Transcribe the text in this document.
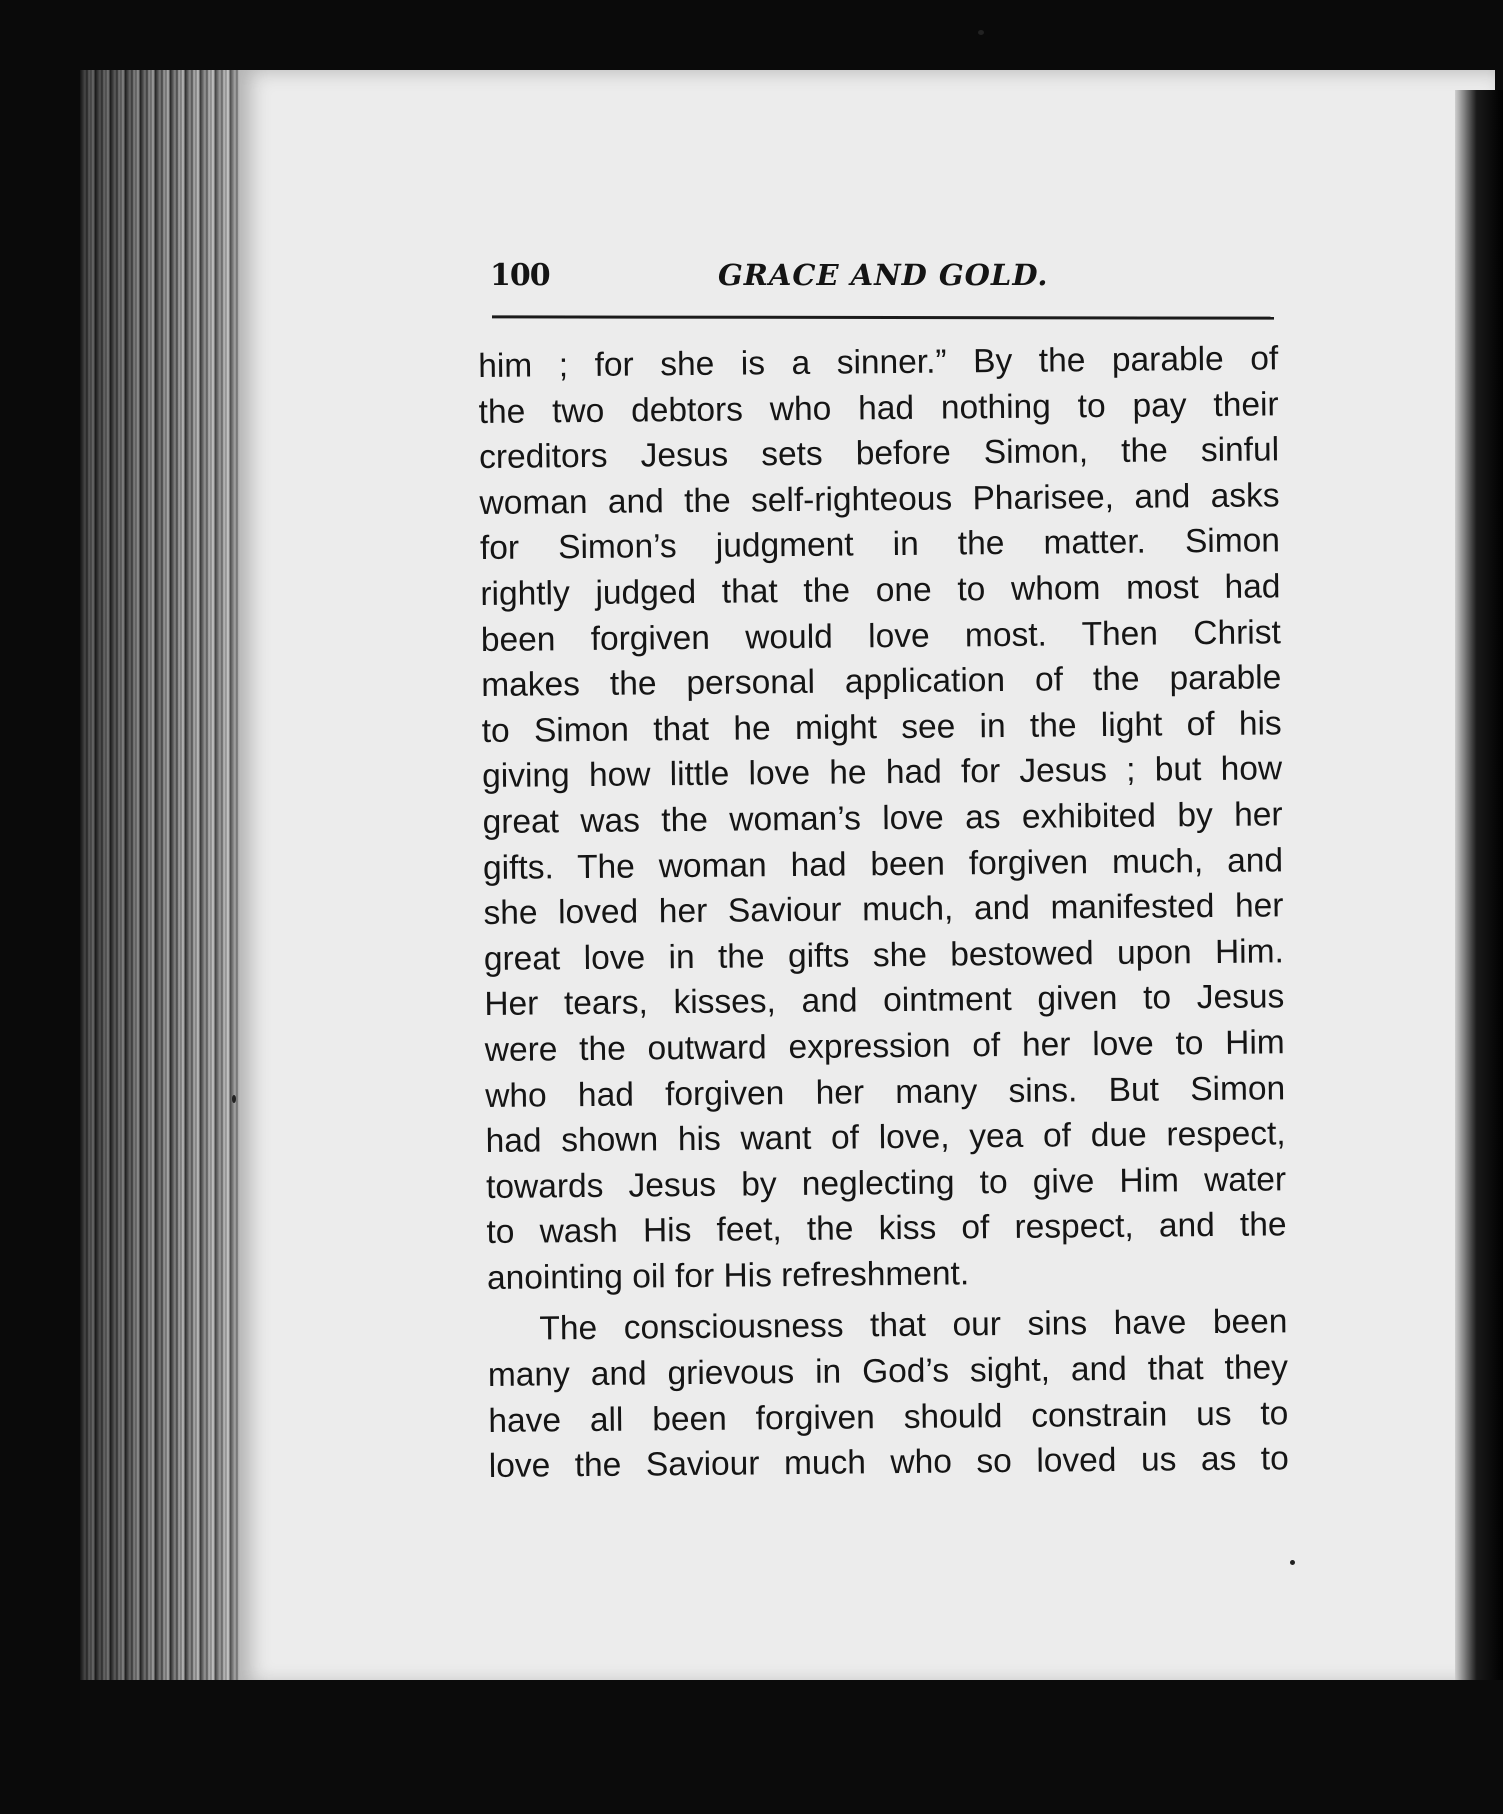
100	GRACE AND GOLD.
him ; for she is a sinner.” By the parable of
the two debtors who had nothing to pay their
creditors Jesus sets before Simon, the sinful
woman and the self-righteous Pharisee, and asks
for Simon’s judgment in the matter. Simon
rightly judged that the one to whom most had
been forgiven would love most. Then Christ
makes the personal application of the parable
to Simon that he might see in the light of his
giving how little love he had for Jesus ; but how
great was the woman’s love as exhibited by her
gifts. The woman had been forgiven much, and
she loved her Saviour much, and manifested her
great love in the gifts she bestowed upon Him.
Her tears, kisses, and ointment given to Jesus
were the outward expression of her love to Him
who had forgiven her many sins. But Simon
had shown his want of love, yea of due respect,
towards Jesus by neglecting to give Him water
to wash His feet, the kiss of respect, and the
anointing oil for His refreshment.
The consciousness that our sins have been
many and grievous in God’s sight, and that they
have all been forgiven should constrain us to
love the Saviour much who so loved us as to
